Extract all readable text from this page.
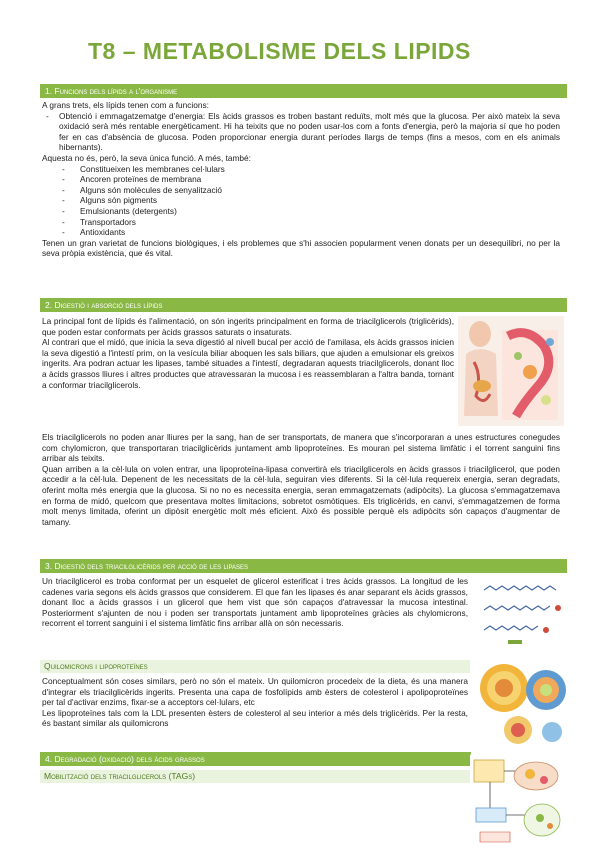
T8 – METABOLISME DELS LIPIDS
1. Funcions dels lípids a l'organisme

A grans trets, els lípids tenen com a funcions:

- Obtenció i emmagatzematge d'energia: Els àcids grassos es troben bastant reduïts, molt més que la glucosa. Per això mateix la seva oxidació serà més rentable energèticament. Hi ha teixits que no poden usar-los com a fonts d'energia, però la majoria sí que ho poden fer en cas d'absència de glucosa. Poden proporcionar energia durant períodes llargs de temps (fins a mesos, com en els animals hibernants).

Aquesta no és, però, la seva única funció. A més, també:

- Constitueixen les membranes cel·lulars
- Ancoren proteïnes de membrana
- Alguns són molècules de senyalització
- Alguns són pigments
- Emulsionants (detergents)
- Transportadors
- Antioxidants

Tenen un gran varietat de funcions biològiques, i els problemes que s'hi associen popularment venen donats per un desequilibri, no per la seva pròpia existència, que és vital.

2. Digestió i absorció dels lípids

La principal font de lípids és l'alimentació, on són ingerits principalment en forma de triacilglicerols (triglicèrids), que poden estar conformats per àcids grassos saturats o insaturats.

Al contrari que el midó, que inicia la seva digestió al nivell bucal per acció de l'amilasa, els àcids grassos inicien la seva digestió a l'intestí prim, on la vesícula biliar aboquen les sals biliars, que ajuden a emulsionar els greixos ingerits. Ara podran actuar les lipases, també situades a l'intestí, degradaran aquests triacilglicerols, donant lloc a àcids grassos lliures i altres productes que atravessaran la mucosa i es reassemblaran a l'altra banda, tornant a conformar triacilglicerols.

Els triacilglicerols no poden anar lliures per la sang, han de ser transportats, de manera que s'incorporaran a unes estructures conegudes com chylomicron, que transportaran triacilglicèrids juntament amb lipoproteïnes. Es mouran pel sistema limfàtic i el torrent sanguini fins arribar als teixits.

Quan arriben a la cèl·lula on volen entrar, una lipoproteïna-lipasa convertirà els triacilglicerols en àcids grassos i triacilglicerol, que poden accedir a la cèl·lula. Depenent de les necessitats de la cèl·lula, seguiran vies diferents. Si la cèl·lula requereix energia, seran degradats, oferint molta més energia que la glucosa. Si no no es necessita energia, seran emmagatzemats (adipòcits). La glucosa s'emmagatzemava en forma de midó, quelcom que presentava moltes limitacions, sobretot osmòtiques. Els triglicèrids, en canvi, s'emmagatzemen de forma molt menys limitada, oferint un dipòsit energètic molt més eficient. Això és possible perquè els adipòcits són capaços d'augmentar de tamany.

3. Digestió dels triacilglicèrids per acció de les lipases

Un triacilglicerol es troba conformat per un esquelet de glicerol esterificat i tres àcids grassos. La longitud de les cadenes varia segons els àcids grassos que considerem. El que fan les lipases és anar separant els àcids grassos, donant lloc a àcids grassos i un glicerol que hem vist que són capaços d'atravessar la mucosa intestinal. Posteriorment s'ajunten de nou i poden ser transportats juntament amb lipoproteïnes gràcies als chylomicrons, recorrent el torrent sanguini i el sistema limfàtic fins arribar allà on són necessaris.

Quilomicrons i lipoproteïnes

Conceptualment són coses similars, però no són el mateix. Un quilomicron procedeix de la dieta, és una manera d'integrar els triacilglicèrids ingerits. Presenta una capa de fosfolípids amb èsters de colesterol i apolipoproteïnes per tal d'activar enzims, fixar-se a acceptors cel·lulars, etc

Les lipoproteïnes tals com la LDL presenten èsters de colesterol al seu interior a més dels triglicèrids. Per la resta, és bastant similar als quilomicrons

4. Degradació (oxidació) dels àcids grassos
Mobilització dels triacilglicerols (TAGs)
